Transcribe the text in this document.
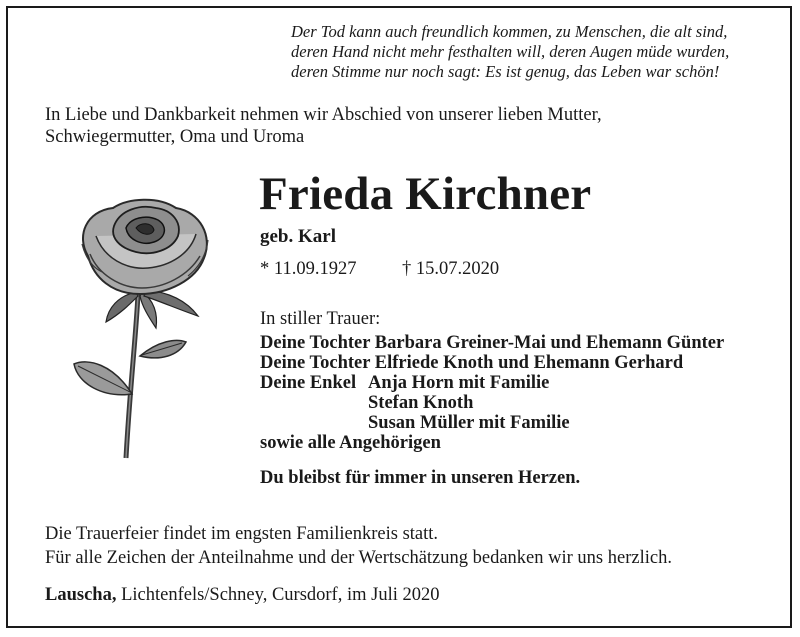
Der Tod kann auch freundlich kommen, zu Menschen, die alt sind,
deren Hand nicht mehr festhalten will, deren Augen müde wurden,
deren Stimme nur noch sagt: Es ist genug, das Leben war schön!
In Liebe und Dankbarkeit nehmen wir Abschied von unserer lieben Mutter,
Schwiegermutter, Oma und Uroma
Frieda Kirchner
geb. Karl
* 11.09.1927 † 15.07.2020
In stiller Trauer:
Deine Tochter Barbara Greiner-Mai und Ehemann Günter
Deine Tochter Elfriede Knoth und Ehemann Gerhard
Deine Enkel Anja Horn mit Familie
Stefan Knoth
Susan Müller mit Familie
sowie alle Angehörigen
Du bleibst für immer in unseren Herzen.
Die Trauerfeier findet im engsten Familienkreis statt.
Für alle Zeichen der Anteilnahme und der Wertschätzung bedanken wir uns herzlich.
Lauscha, Lichtenfels/Schney, Cursdorf, im Juli 2020
